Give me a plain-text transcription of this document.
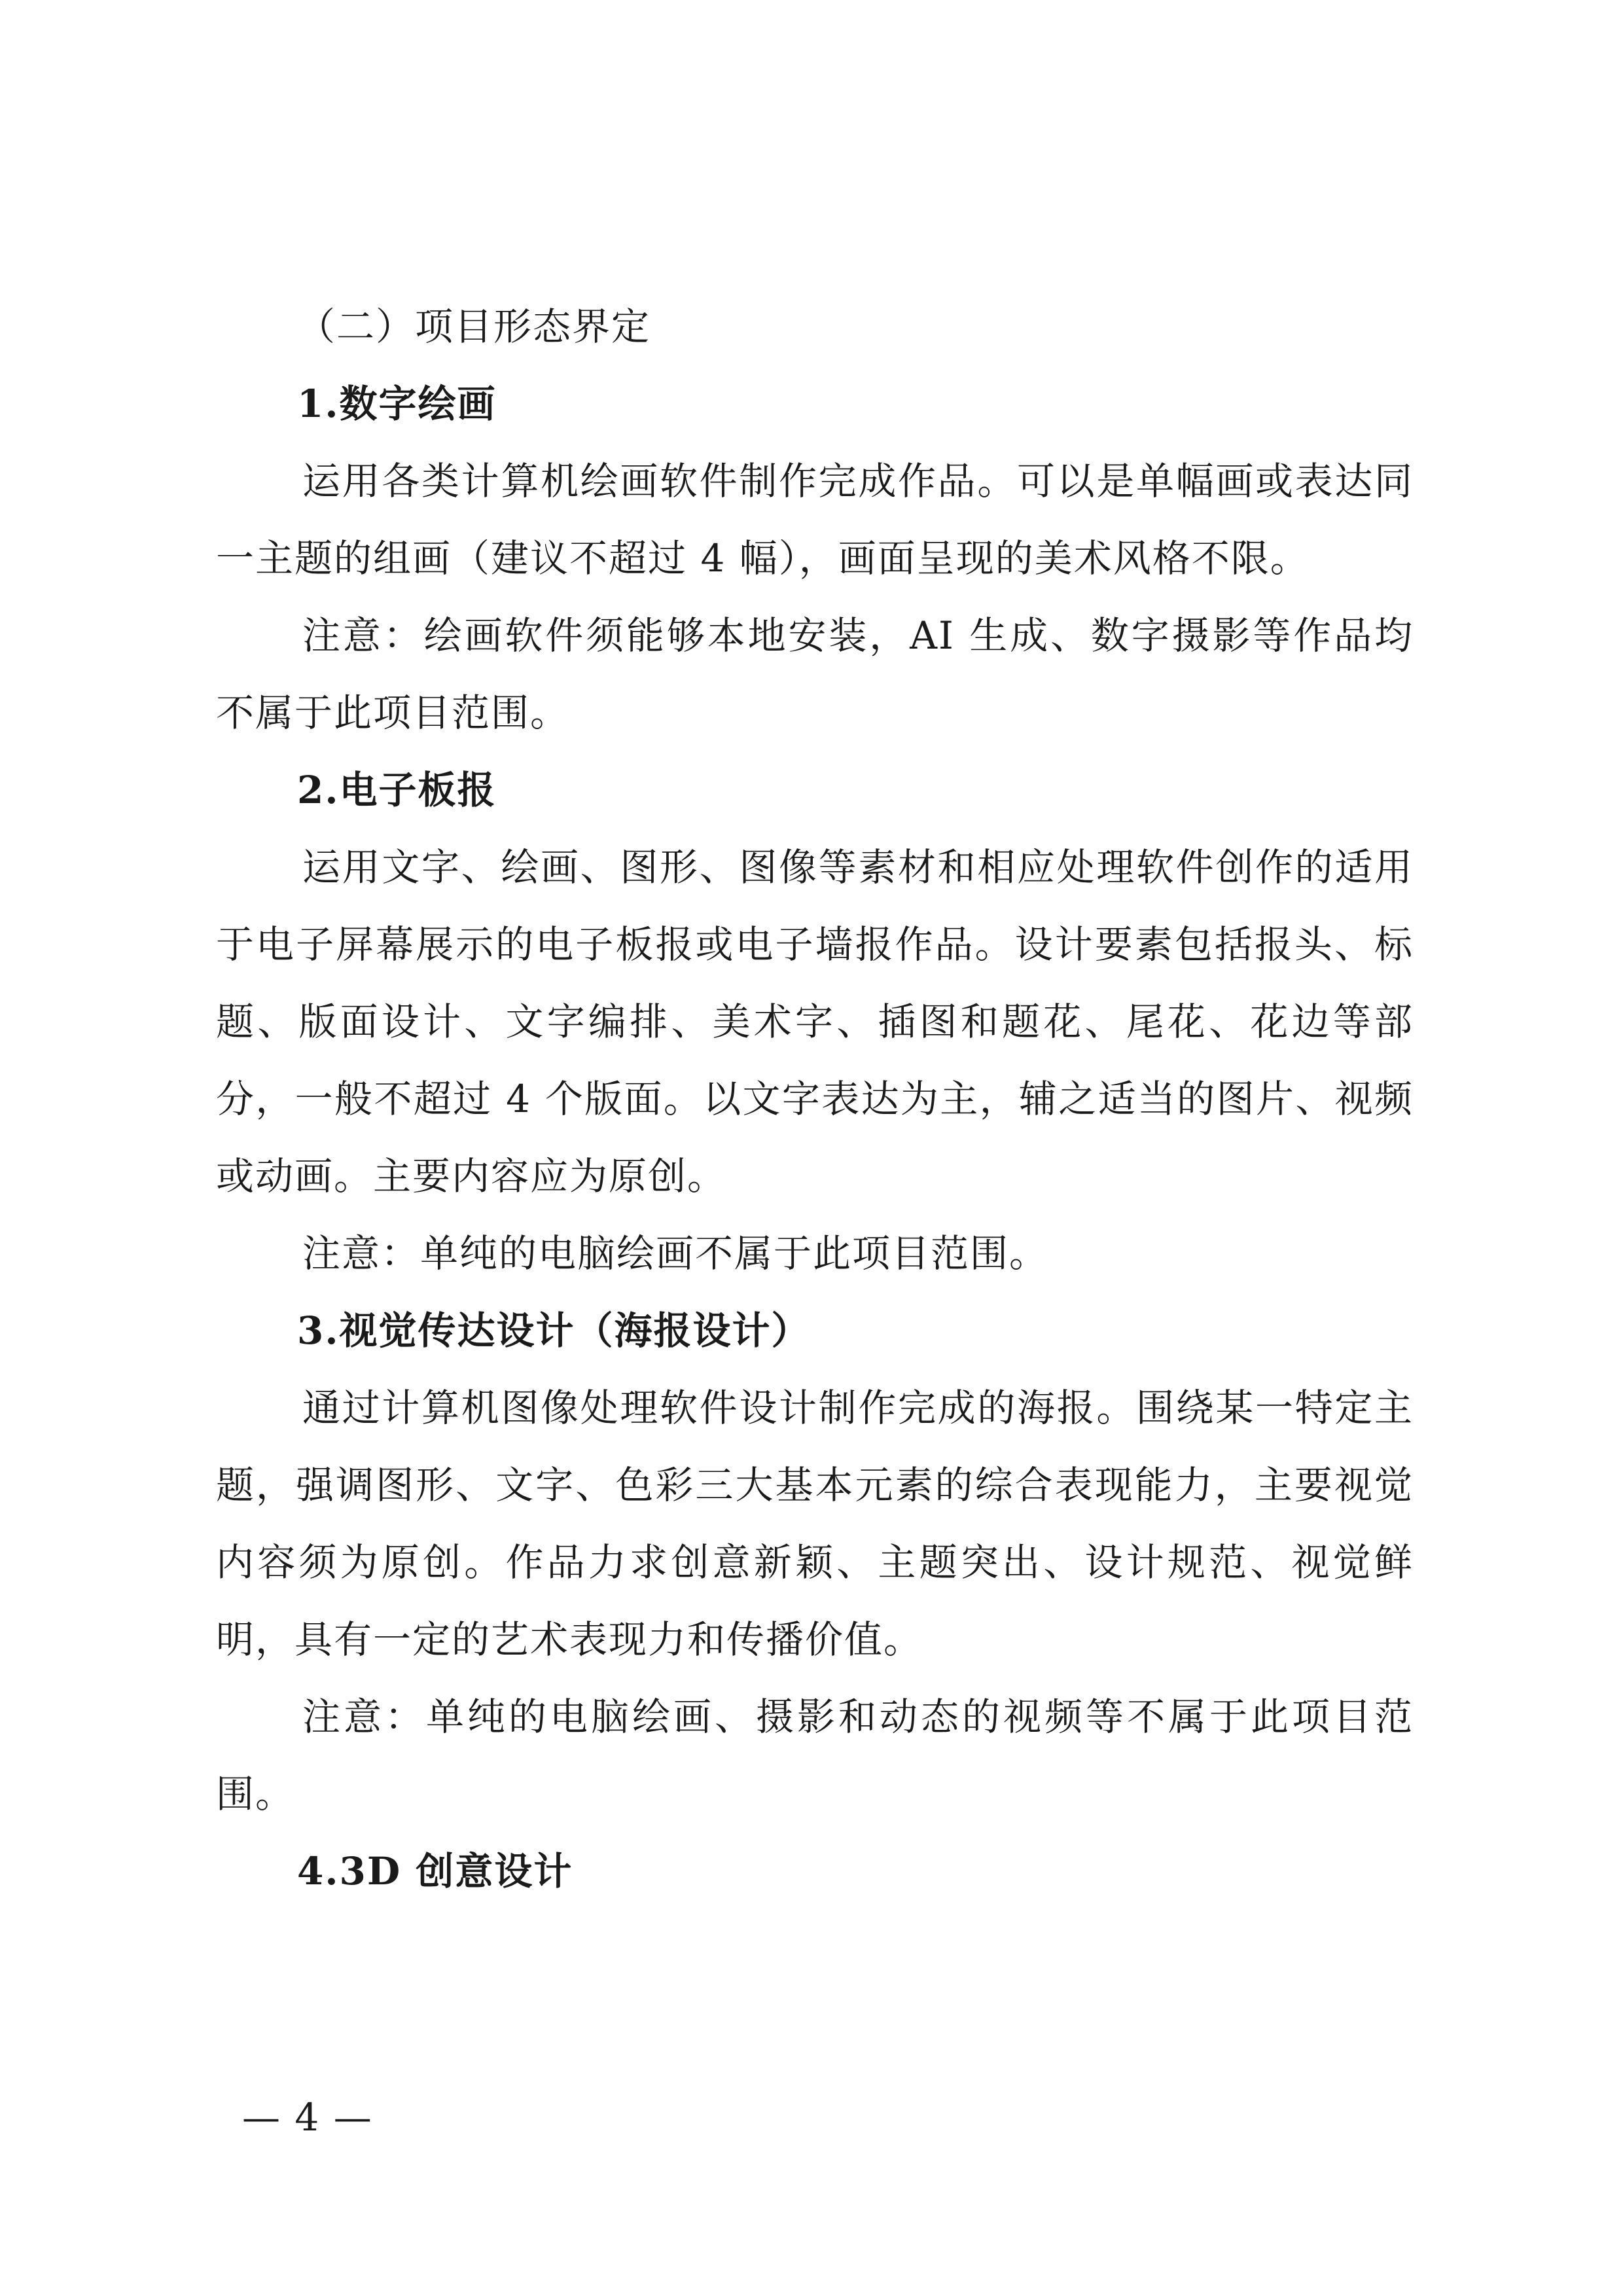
（二）项目形态界定

1.数字绘画

运用各类计算机绘画软件制作完成作品。可以是单幅画或表达同一主题的组画（建议不超过 4 幅），画面呈现的美术风格不限。

注意：绘画软件须能够本地安装，AI 生成、数字摄影等作品均不属于此项目范围。

2.电子板报

运用文字、绘画、图形、图像等素材和相应处理软件创作的适用于电子屏幕展示的电子板报或电子墙报作品。设计要素包括报头、标题、版面设计、文字编排、美术字、插图和题花、尾花、花边等部分，一般不超过 4 个版面。以文字表达为主，辅之适当的图片、视频或动画。主要内容应为原创。

注意：单纯的电脑绘画不属于此项目范围。

3.视觉传达设计（海报设计）

通过计算机图像处理软件设计制作完成的海报。围绕某一特定主题，强调图形、文字、色彩三大基本元素的综合表现能力，主要视觉内容须为原创。作品力求创意新颖、主题突出、设计规范、视觉鲜明，具有一定的艺术表现力和传播价值。

注意：单纯的电脑绘画、摄影和动态的视频等不属于此项目范围。

4.3D 创意设计

— 4 —
